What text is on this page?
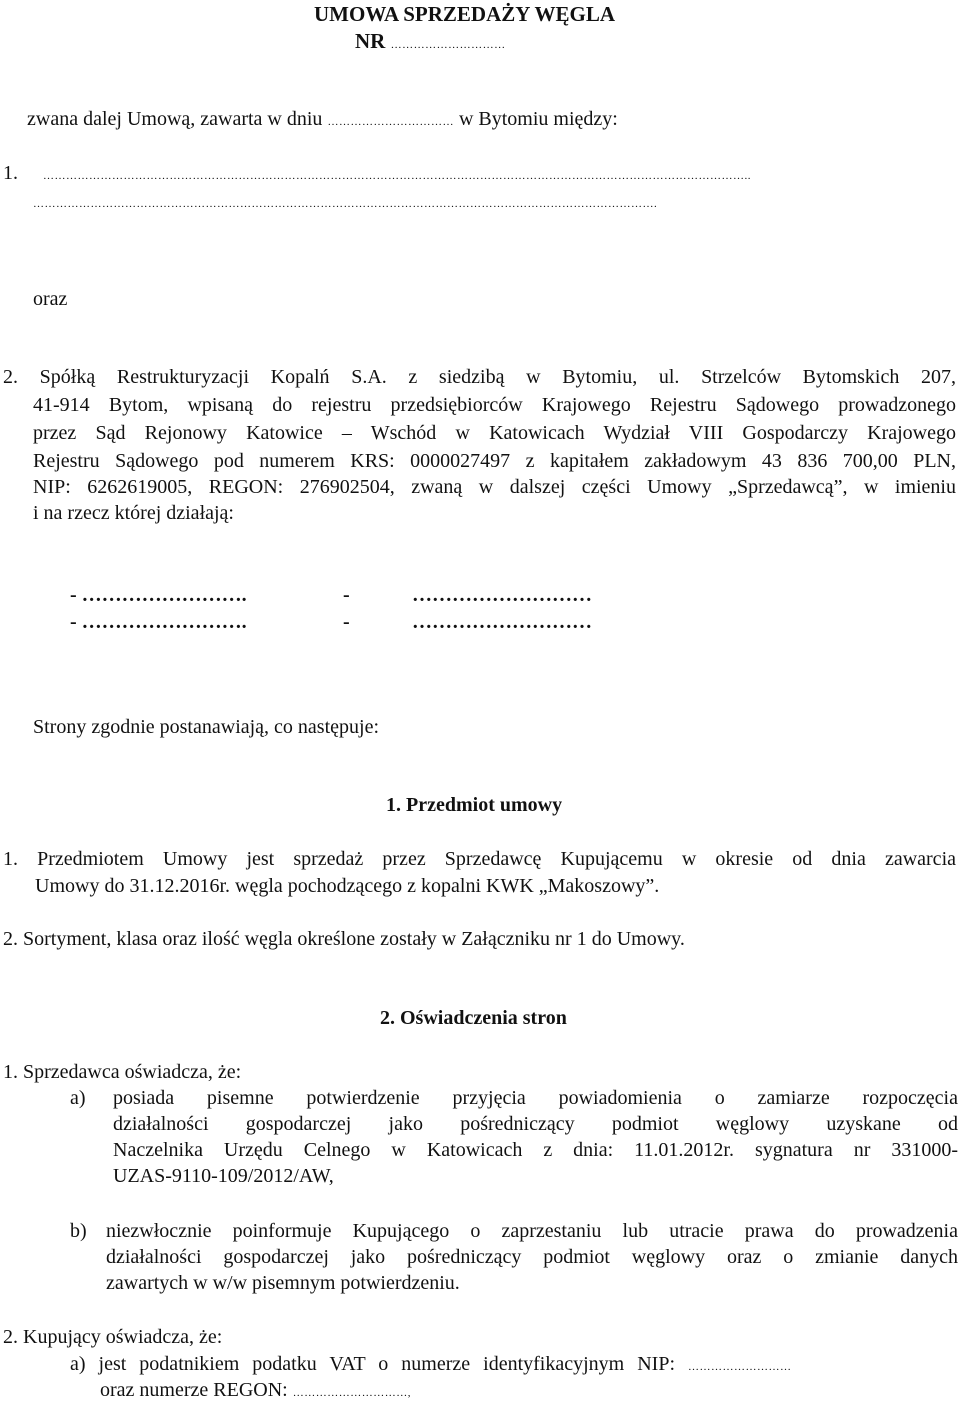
UMOWA SPRZEDAŻY WĘGLA
NR …………………………
zwana dalej Umową, zawarta w dniu …………………………… w Bytomiu między:
1. …………………………………………………………………………………………………………………………………………………………………..
……………………………………………………………………………………………………………………………………………….
oraz
2. Spółką Restrukturyzacji Kopalń S.A. z siedzibą w Bytomiu, ul. Strzelców Bytomskich 207,
41-914 Bytom, wpisaną do rejestru przedsiębiorców Krajowego Rejestru Sądowego prowadzonego
przez Sąd Rejonowy Katowice – Wschód w Katowicach Wydział VIII Gospodarczy Krajowego
Rejestru Sądowego pod numerem KRS: 0000027497 z kapitałem zakładowym 43 836 700,00 PLN,
NIP: 6262619005, REGON: 276902504, zwaną w dalszej części Umowy „Sprzedawcą”, w imieniu
i na rzecz której działają:
- …………………….	-	………………………
- …………………….	-	………………………
Strony zgodnie postanawiają, co następuje:
1. Przedmiot umowy
1. Przedmiotem Umowy jest sprzedaż przez Sprzedawcę Kupującemu w okresie od dnia zawarcia
Umowy do 31.12.2016r. węgla pochodzącego z kopalni KWK „Makoszowy”.
2. Sortyment, klasa oraz ilość węgla określone zostały w Załączniku nr 1 do Umowy.
2. Oświadczenia stron
1. Sprzedawca oświadcza, że:
a) posiada pisemne potwierdzenie przyjęcia powiadomienia o zamiarze rozpoczęcia
działalności gospodarczej jako pośredniczący podmiot węglowy uzyskane od
Naczelnika Urzędu Celnego w Katowicach z dnia: 11.01.2012r. sygnatura nr 331000-
UZAS-9110-109/2012/AW,
b) niezwłocznie poinformuje Kupującego o zaprzestaniu lub utracie prawa do prowadzenia
działalności gospodarczej jako pośredniczący podmiot węglowy oraz o zmianie danych
zawartych w w/w pisemnym potwierdzeniu.
2. Kupujący oświadcza, że:
a) jest podatnikiem podatku VAT o numerze identyfikacyjnym NIP: ………………………
oraz numerze REGON: …………………………,
